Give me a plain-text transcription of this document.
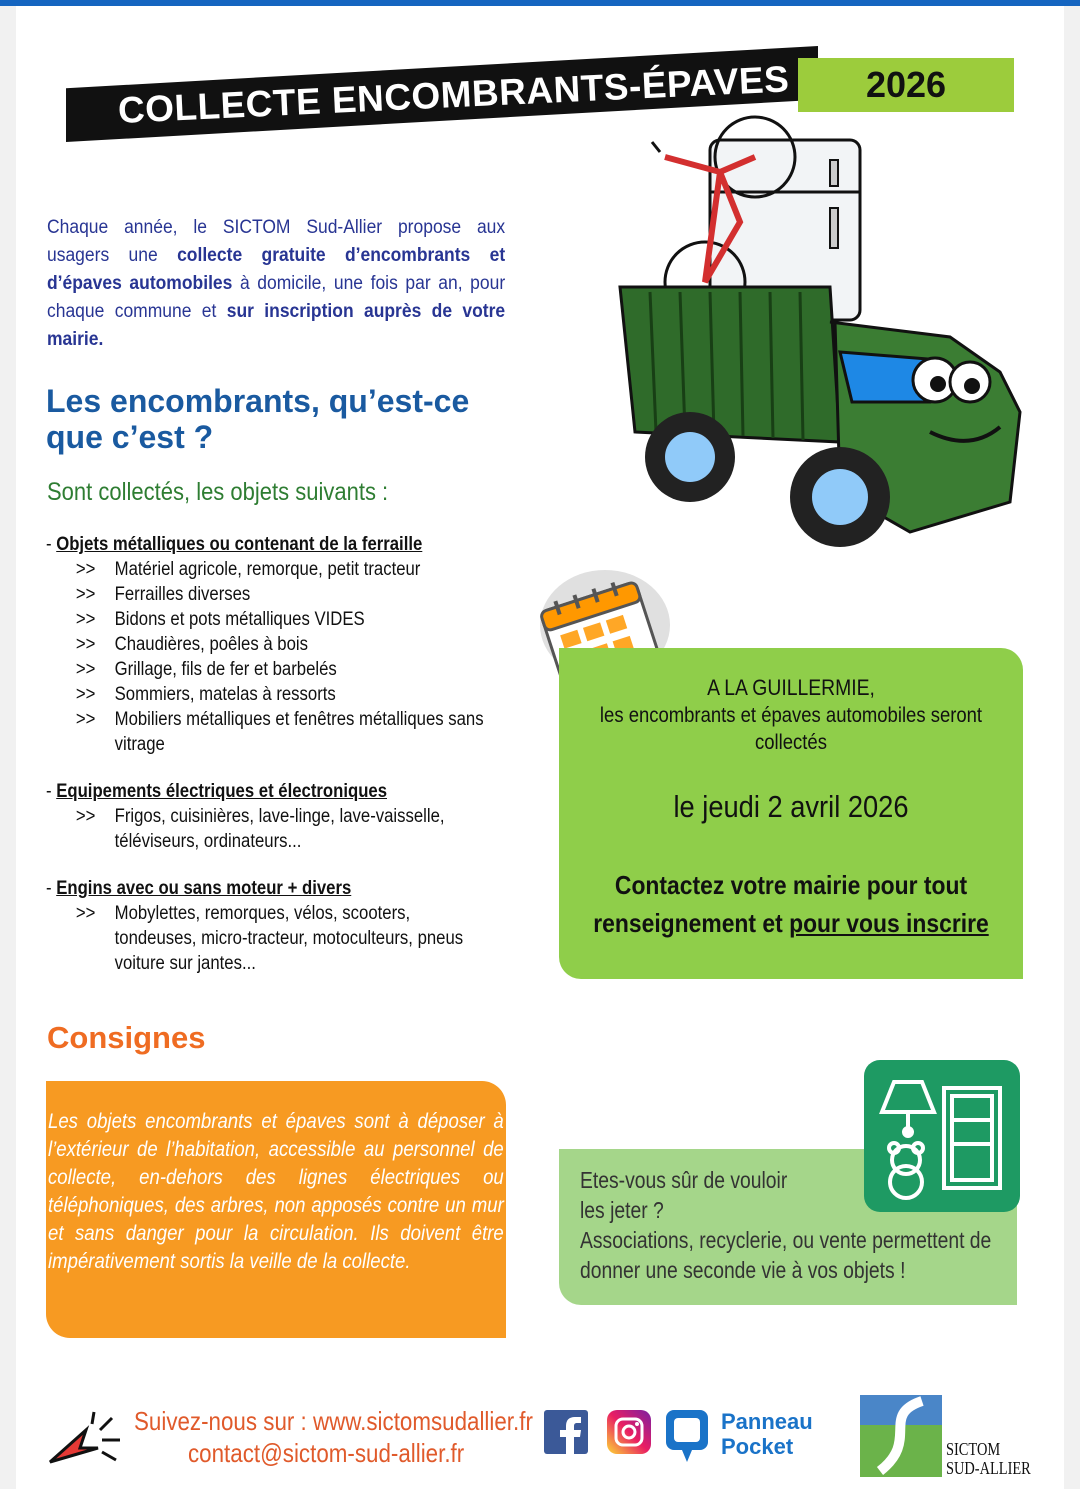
COLLECTE ENCOMBRANTS-ÉPAVES 2026
Chaque année, le SICTOM Sud-Allier propose aux usagers une collecte gratuite d’encombrants et d’épaves automobiles à domicile, une fois par an, pour chaque commune et sur inscription auprès de votre mairie.
Les encombrants, qu’est-ce que c’est ?
Sont collectés, les objets suivants :
- Objets métalliques ou contenant de la ferraille
>>	Matériel agricole, remorque, petit tracteur
>>	Ferrailles diverses
>>	Bidons et pots métalliques VIDES
>>	Chaudières, poêles à bois
>>	Grillage, fils de fer et barbelés
>>	Sommiers, matelas à ressorts
>>	Mobiliers métalliques et fenêtres métalliques sans vitrage
- Equipements électriques et électroniques
>>	Frigos, cuisinières, lave-linge, lave-vaisselle, téléviseurs, ordinateurs...
- Engins avec ou sans moteur + divers
>>	Mobylettes, remorques, vélos, scooters, tondeuses, micro-tracteur, motoculteurs, pneus voiture sur jantes...
A LA GUILLERMIE,
les encombrants et épaves automobiles seront collectés
le jeudi 2 avril 2026
Contactez votre mairie pour tout renseignement et pour vous inscrire
Consignes
Les objets encombrants et épaves sont à déposer à l’extérieur de l’habitation, accessible au personnel de collecte, en-dehors des lignes électriques ou téléphoniques, des arbres, non apposés contre un mur et sans danger pour la circulation. Ils doivent être impérativement sortis la veille de la collecte.
Etes-vous sûr de vouloir
les jeter ?
Associations, recyclerie, ou vente permettent de donner une seconde vie à vos objets !
Suivez-nous sur : www.sictomsudallier.fr
contact@sictom-sud-allier.fr
Panneau
Pocket	SICTOM
SUD-ALLIER
